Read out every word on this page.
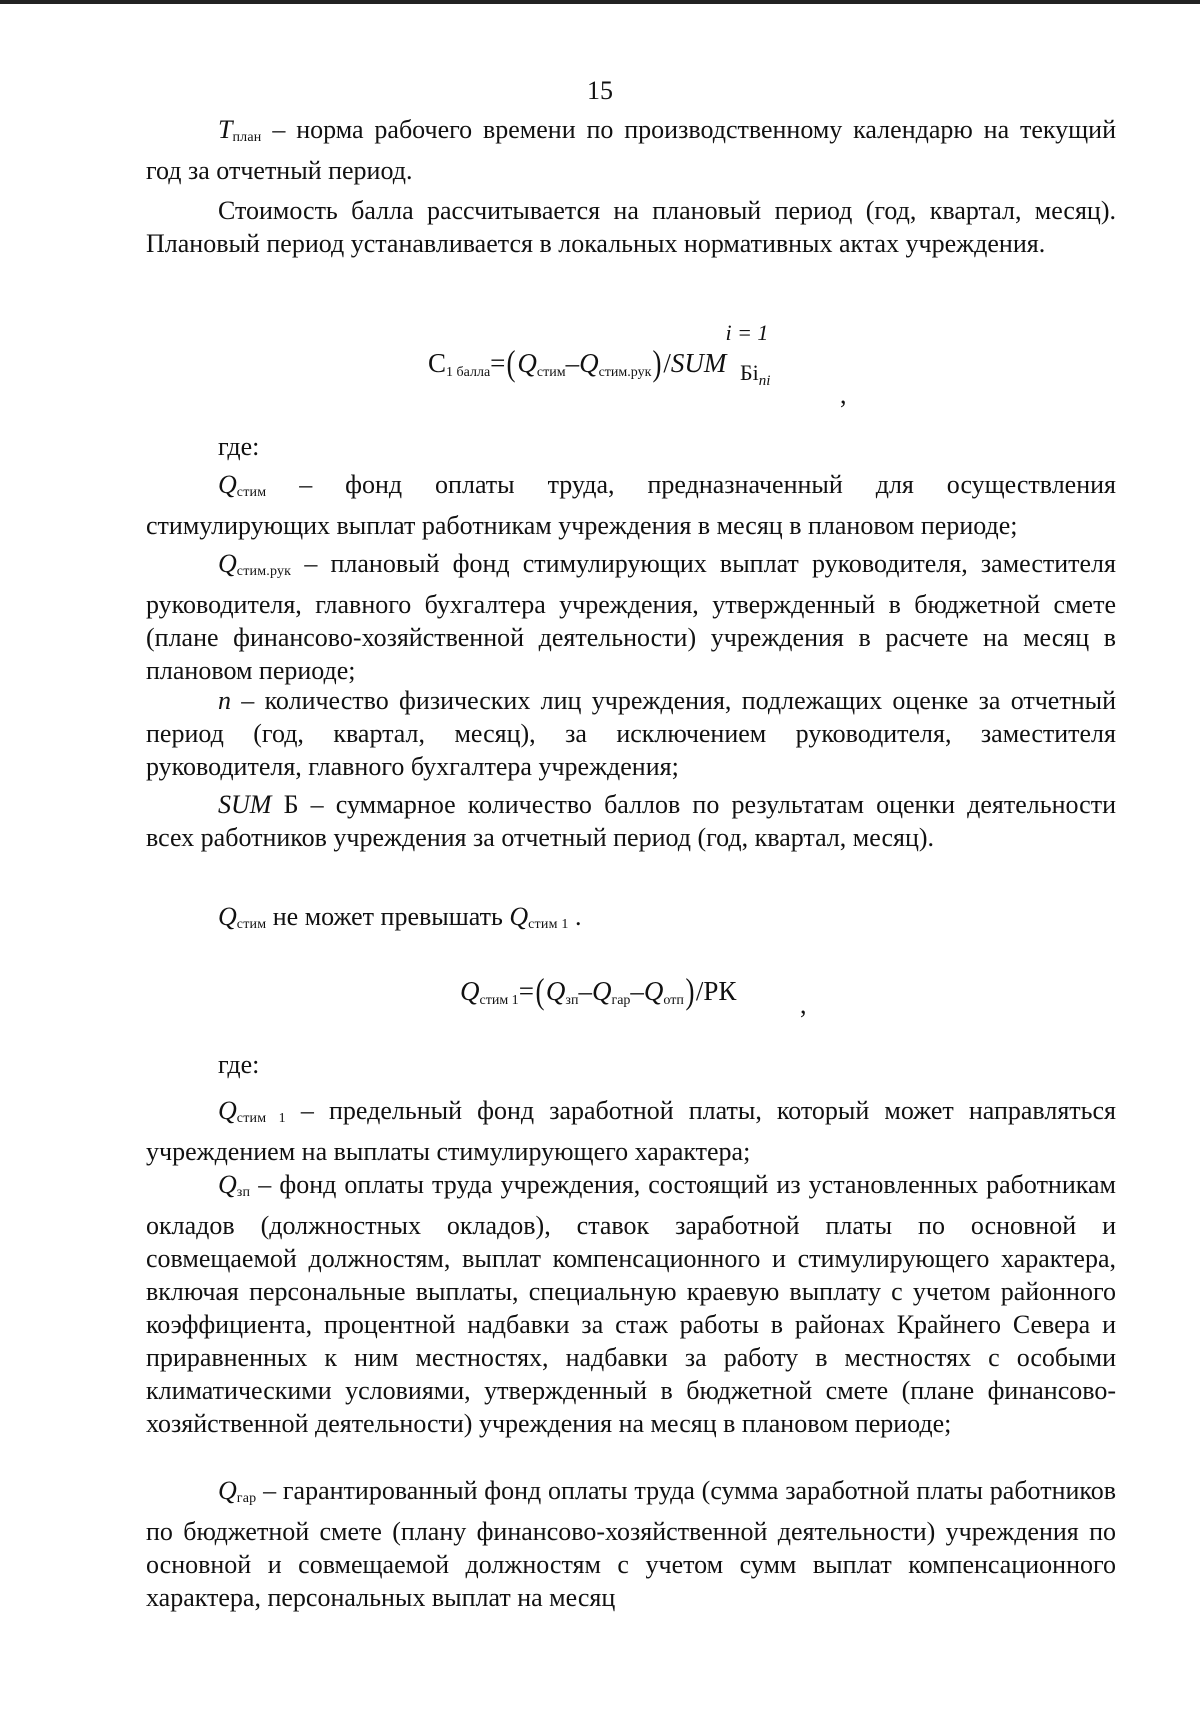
15
$T_{план}$ – норма рабочего времени по производственному календарю на текущий год за отчетный период.
Стоимость балла рассчитывается на плановый период (год, квартал, месяц). Плановый период устанавливается в локальных нормативных актах учреждения.
С1 балла=(Qстим–Qстим.рук)/SUM
i = 1
$Бi_{ni}$	,
где:
$Q_{стим}$ – фонд оплаты труда, предназначенный для осуществления стимулирующих выплат работникам учреждения в месяц в плановом периоде;
$Q_{стим.рук}$ – плановый фонд стимулирующих выплат руководителя, заместителя руководителя, главного бухгалтера учреждения, утвержденный в бюджетной смете (плане финансово-хозяйственной деятельности) учреждения в расчете на месяц в плановом периоде;
n – количество физических лиц учреждения, подлежащих оценке за отчетный период (год, квартал, месяц), за исключением руководителя, заместителя руководителя, главного бухгалтера учреждения;
SUM Б – суммарное количество баллов по результатам оценки деятельности всех работников учреждения за отчетный период (год, квартал, месяц).
$Q_{стим}$ не может превышать $Q_{стим 1}$ .
Qстим 1=(Qзп–Qгар–Qотп)/РК ,
где:
$Q_{стим 1}$ – предельный фонд заработной платы, который может направляться учреждением на выплаты стимулирующего характера;
$Q_{зп}$ – фонд оплаты труда учреждения, состоящий из установленных работникам окладов (должностных окладов), ставок заработной платы по основной и совмещаемой должностям, выплат компенсационного и стимулирующего характера, включая персональные выплаты, специальную краевую выплату с учетом районного коэффициента, процентной надбавки за стаж работы в районах Крайнего Севера и приравненных к ним местностях, надбавки за работу в местностях с особыми климатическими условиями, утвержденный в бюджетной смете (плане финансово-хозяйственной деятельности) учреждения на месяц в плановом периоде;
$Q_{гар}$ – гарантированный фонд оплаты труда (сумма заработной платы работников по бюджетной смете (плану финансово-хозяйственной деятельности) учреждения по основной и совмещаемой должностям с учетом сумм выплат компенсационного характера, персональных выплат на месяц
